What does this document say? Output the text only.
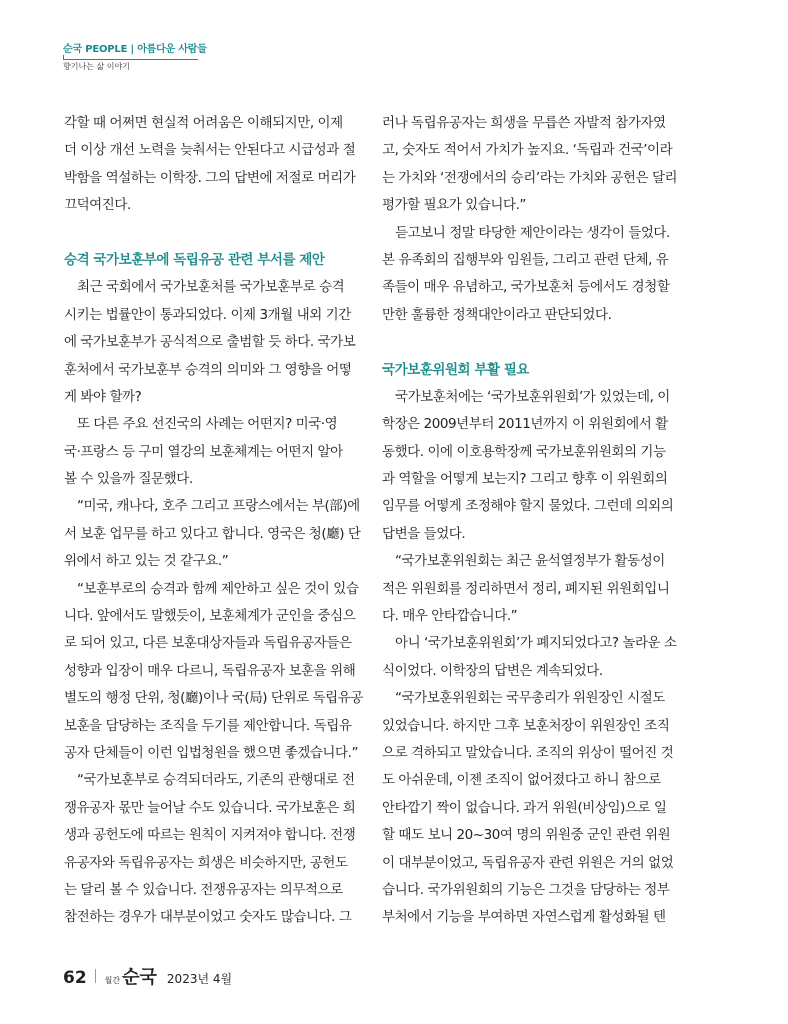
순국 PEOPLE | 아름다운 사람들
향기나는 삶 이야기
각할 때 어쩌면 현실적 어려움은 이해되지만, 이제
더 이상 개선 노력을 늦춰서는 안된다고 시급성과 절
박함을 역설하는 이학장. 그의 답변에 저절로 머리가
끄덕여진다.
승격 국가보훈부에 독립유공 관련 부서를 제안
최근 국회에서 국가보훈처를 국가보훈부로 승격
시키는 법률안이 통과되었다. 이제 3개월 내외 기간
에 국가보훈부가 공식적으로 출범할 듯 하다. 국가보
훈처에서 국가보훈부 승격의 의미와 그 영향을 어떻
게 봐야 할까?
또 다른 주요 선진국의 사례는 어떤지? 미국·영
국·프랑스 등 구미 열강의 보훈체계는 어떤지 알아
볼 수 있을까 질문했다.
“미국, 캐나다, 호주 그리고 프랑스에서는 부(部)에
서 보훈 업무를 하고 있다고 합니다. 영국은 청(廳) 단
위에서 하고 있는 것 같구요.”
“보훈부로의 승격과 함께 제안하고 싶은 것이 있습
니다. 앞에서도 말했듯이, 보훈체계가 군인을 중심으
로 되어 있고, 다른 보훈대상자들과 독립유공자들은
성향과 입장이 매우 다르니, 독립유공자 보훈을 위해
별도의 행정 단위, 청(廳)이나 국(局) 단위로 독립유공
보훈을 담당하는 조직을 두기를 제안합니다. 독립유
공자 단체들이 이런 입법청원을 했으면 좋겠습니다.”
“국가보훈부로 승격되더라도, 기존의 관행대로 전
쟁유공자 몫만 늘어날 수도 있습니다. 국가보훈은 희
생과 공헌도에 따르는 원칙이 지켜져야 합니다. 전쟁
유공자와 독립유공자는 희생은 비슷하지만, 공헌도
는 달리 볼 수 있습니다. 전쟁유공자는 의무적으로
참전하는 경우가 대부분이었고 숫자도 많습니다. 그
러나 독립유공자는 희생을 무릅쓴 자발적 참가자였
고, 숫자도 적어서 가치가 높지요. ‘독립과 건국’이라
는 가치와 ‘전쟁에서의 승리’라는 가치와 공헌은 달리
평가할 필요가 있습니다.”
듣고보니 정말 타당한 제안이라는 생각이 들었다.
본 유족회의 집행부와 임원들, 그리고 관련 단체, 유
족들이 매우 유념하고, 국가보훈처 등에서도 경청할
만한 훌륭한 정책대안이라고 판단되었다.
국가보훈위원회 부활 필요
국가보훈처에는 ‘국가보훈위원회’가 있었는데, 이
학장은 2009년부터 2011년까지 이 위원회에서 활
동했다. 이에 이호용학장께 국가보훈위원회의 기능
과 역할을 어떻게 보는지? 그리고 향후 이 위원회의
임무를 어떻게 조정해야 할지 물었다. 그런데 의외의
답변을 들었다.
“국가보훈위원회는 최근 윤석열정부가 활동성이
적은 위원회를 정리하면서 정리, 폐지된 위원회입니
다. 매우 안타깝습니다.”
아니 ‘국가보훈위원회’가 폐지되었다고? 놀라운 소
식이었다. 이학장의 답변은 계속되었다.
“국가보훈위원회는 국무총리가 위원장인 시절도
있었습니다. 하지만 그후 보훈처장이 위원장인 조직
으로 격하되고 말았습니다. 조직의 위상이 떨어진 것
도 아쉬운데, 이젠 조직이 없어졌다고 하니 참으로
안타깝기 짝이 없습니다. 과거 위원(비상임)으로 일
할 때도 보니 20~30여 명의 위원중 군인 관련 위원
이 대부분이었고, 독립유공자 관련 위원은 거의 없었
습니다. 국가위원회의 기능은 그것을 담당하는 정부
부처에서 기능을 부여하면 자연스럽게 활성화될 텐
62 월간 순국 2023년 4월
